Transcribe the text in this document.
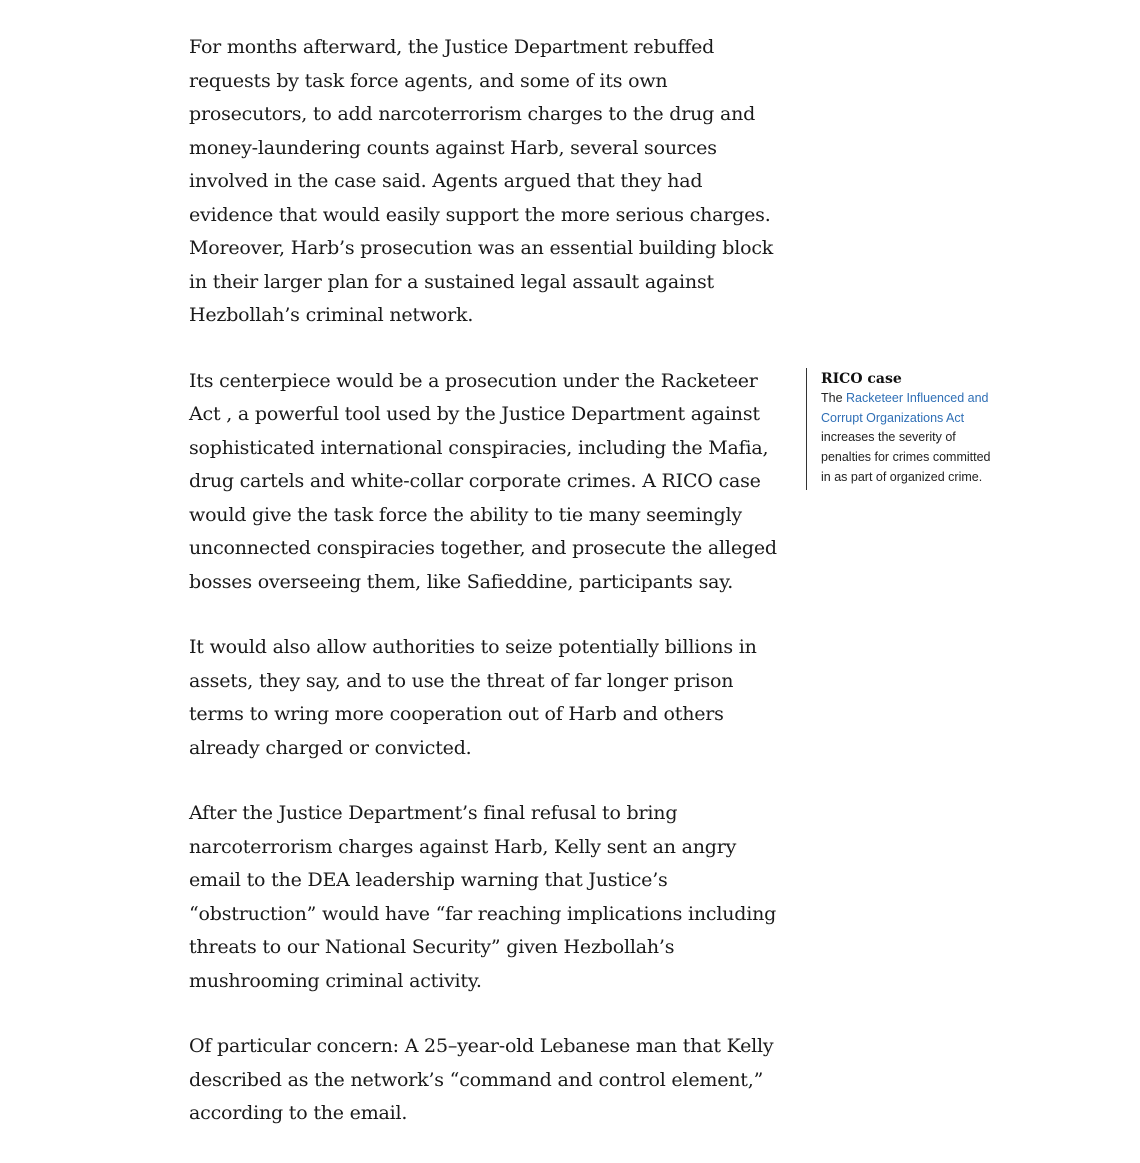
For months afterward, the Justice Department rebuffed requests by task force agents, and some of its own prosecutors, to add narcoterrorism charges to the drug and money-laundering counts against Harb, several sources involved in the case said. Agents argued that they had evidence that would easily support the more serious charges. Moreover, Harb’s prosecution was an essential building block in their larger plan for a sustained legal assault against Hezbollah’s criminal network.

Its centerpiece would be a prosecution under the Racketeer Act , a powerful tool used by the Justice Department against sophisticated international conspiracies, including the Mafia, drug cartels and white-collar corporate crimes. A RICO case would give the task force the ability to tie many seemingly unconnected conspiracies together, and prosecute the alleged bosses overseeing them, like Safieddine, participants say.

It would also allow authorities to seize potentially billions in assets, they say, and to use the threat of far longer prison terms to wring more cooperation out of Harb and others already charged or convicted.

After the Justice Department’s final refusal to bring narcoterrorism charges against Harb, Kelly sent an angry email to the DEA leadership warning that Justice’s “obstruction” would have “far reaching implications including threats to our National Security” given Hezbollah’s mushrooming criminal activity.

Of particular concern: A 25–year-old Lebanese man that Kelly described as the network’s “command and control element,” according to the email.

RICO case

The Racketeer Influenced and Corrupt Organizations Act increases the severity of penalties for crimes committed in as part of organized crime.
